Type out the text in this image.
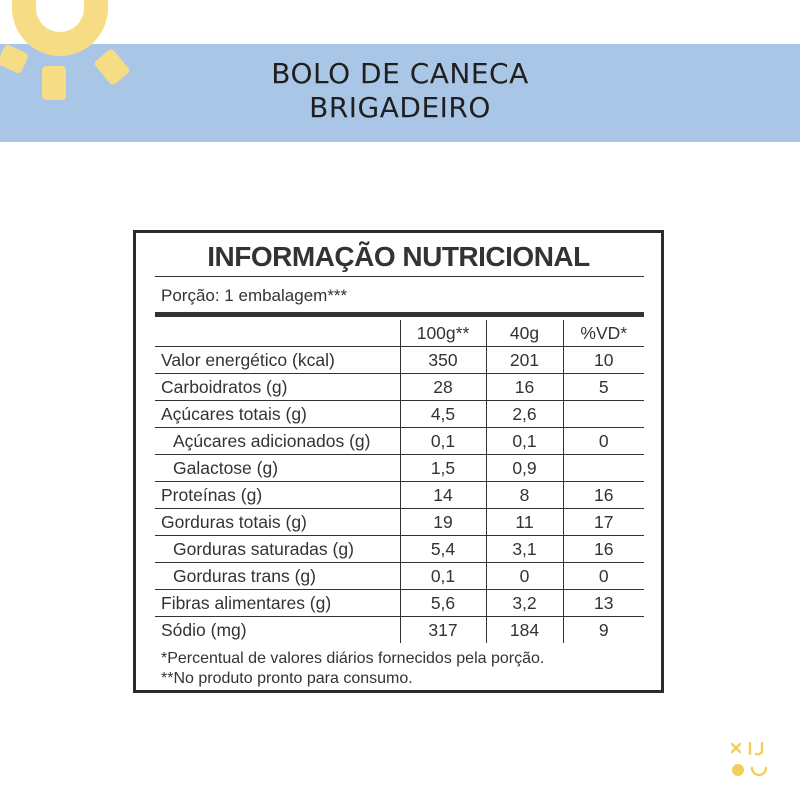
BOLO DE CANECA
BRIGADEIRO
INFORMAÇÃO NUTRICIONAL
Porção: 1 embalagem***
	100g**	40g	%VD*
Valor energético (kcal)	350	201	10
Carboidratos (g)	28	16	5
Açúcares totais (g)	4,5	2,6	
Açúcares adicionados (g)	0,1	0,1	0
Galactose (g)	1,5	0,9	
Proteínas (g)	14	8	16
Gorduras totais (g)	19	11	17
Gorduras saturadas (g)	5,4	3,1	16
Gorduras trans (g)	0,1	0	0
Fibras alimentares (g)	5,6	3,2	13
Sódio (mg)	317	184	9
*Percentual de valores diários fornecidos pela porção.
**No produto pronto para consumo.
